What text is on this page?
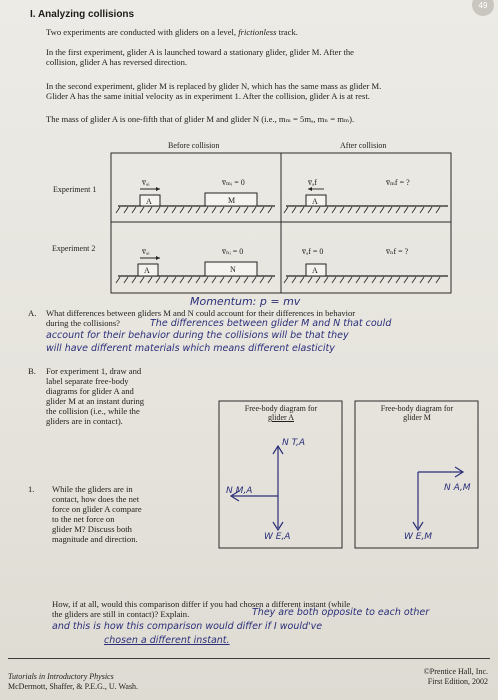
49
I. Analyzing collisions
Two experiments are conducted with gliders on a level, frictionless track.
In the first experiment, glider A is launched toward a stationary glider, glider M. After the
collision, glider A has reversed direction.
In the second experiment, glider M is replaced by glider N, which has the same mass as glider M.
Glider A has the same initial velocity as in experiment 1. After the collision, glider A is at rest.
The mass of glider A is one-fifth that of glider M and glider N (i.e., mₘ = 5mₐ, mₙ = mₘ).
Before collision	After collision
Experiment 1
Experiment 2
v̅ₐᵢ	v̅ₘᵢ = 0	v̅ₐf	v̅ₘf = ?
A	M	A
v̅ₐᵢ	v̅ₙᵢ = 0	v̅ₐf = 0	v̅ₙf = ?
A	N	A
Momentum: p = mv
A. What differences between gliders M and N could account for their differences in behavior
during the collisions?	The differences between glider M and N that could
account for their behavior during the collisions will be that they
will have different materials which means different elasticity
B. For experiment 1, draw and
label separate free-body
diagrams for glider A and
glider M at an instant during
the collision (i.e., while the
gliders are in contact).
Free-body diagram for
glider A
Free-body diagram for
glider M
N T,A
N M,A
W E,A
N A,M
W E,M
1. While the gliders are in
contact, how does the net
force on glider A compare
to the net force on
glider M? Discuss both
magnitude and direction.
How, if at all, would this comparison differ if you had chosen a different instant (while
the gliders are still in contact)? Explain.	They are both opposite to each other
and this is how this comparison would differ if I would've
chosen a different instant.
Tutorials in Introductory Physics
McDermott, Shaffer, & P.E.G., U. Wash.
©Prentice Hall, Inc.
First Edition, 2002
